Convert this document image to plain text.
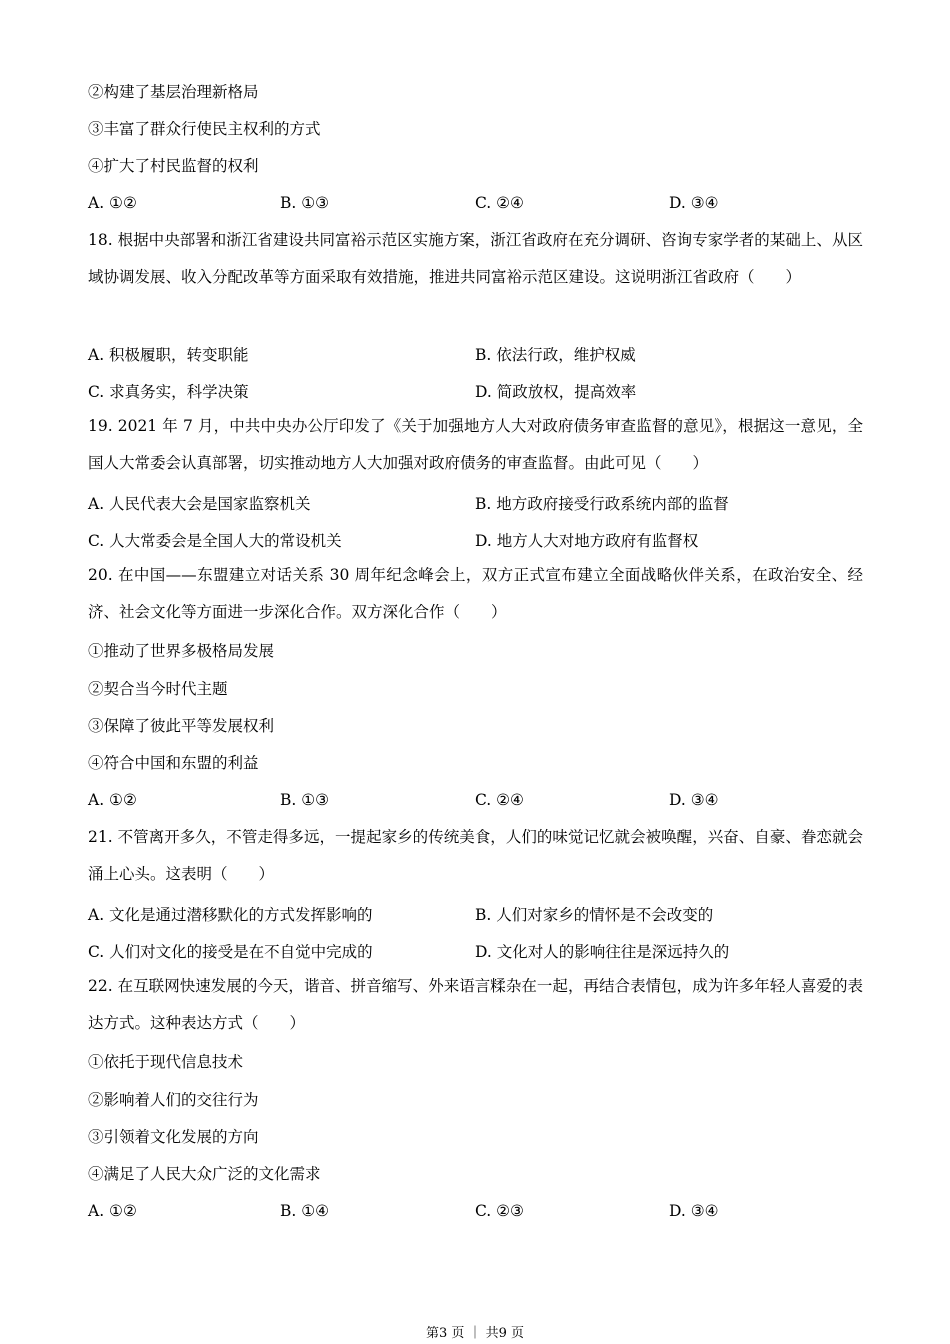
②构建了基层治理新格局
③丰富了群众行使民主权利的方式
④扩大了村民监督的权利
A. ①②	B. ①③	C. ②④	D. ③④
18. 根据中央部署和浙江省建设共同富裕示范区实施方案，浙江省政府在充分调研、咨询专家学者的某础上、从区域协调发展、收入分配改革等方面采取有效措施，推进共同富裕示范区建设。这说明浙江省政府（　　）
A. 积极履职，转变职能	B. 依法行政，维护权威
C. 求真务实，科学决策	D. 简政放权，提高效率
19. 2021 年 7 月，中共中央办公厅印发了《关于加强地方人大对政府债务审查监督的意见》，根据这一意见，全国人大常委会认真部署，切实推动地方人大加强对政府债务的审查监督。由此可见（　　）
A. 人民代表大会是国家监察机关	B. 地方政府接受行政系统内部的监督
C. 人大常委会是全国人大的常设机关	D. 地方人大对地方政府有监督权
20. 在中国——东盟建立对话关系 30 周年纪念峰会上，双方正式宣布建立全面战略伙伴关系，在政治安全、经济、社会文化等方面进一步深化合作。双方深化合作（　　）
①推动了世界多极格局发展
②契合当今时代主题
③保障了彼此平等发展权利
④符合中国和东盟的利益
A. ①②	B. ①③	C. ②④	D. ③④
21. 不管离开多久，不管走得多远，一提起家乡的传统美食，人们的味觉记忆就会被唤醒，兴奋、自豪、眷恋就会涌上心头。这表明（　　）
A. 文化是通过潜移默化的方式发挥影响的	B. 人们对家乡的情怀是不会改变的
C. 人们对文化的接受是在不自觉中完成的	D. 文化对人的影响往往是深远持久的
22. 在互联网快速发展的今天，谐音、拼音缩写、外来语言糅杂在一起，再结合表情包，成为许多年轻人喜爱的表达方式。这种表达方式（　　）
①依托于现代信息技术
②影响着人们的交往行为
③引领着文化发展的方向
④满足了人民大众广泛的文化需求
A. ①②	B. ①④	C. ②③	D. ③④
第3 页 ｜ 共9 页
